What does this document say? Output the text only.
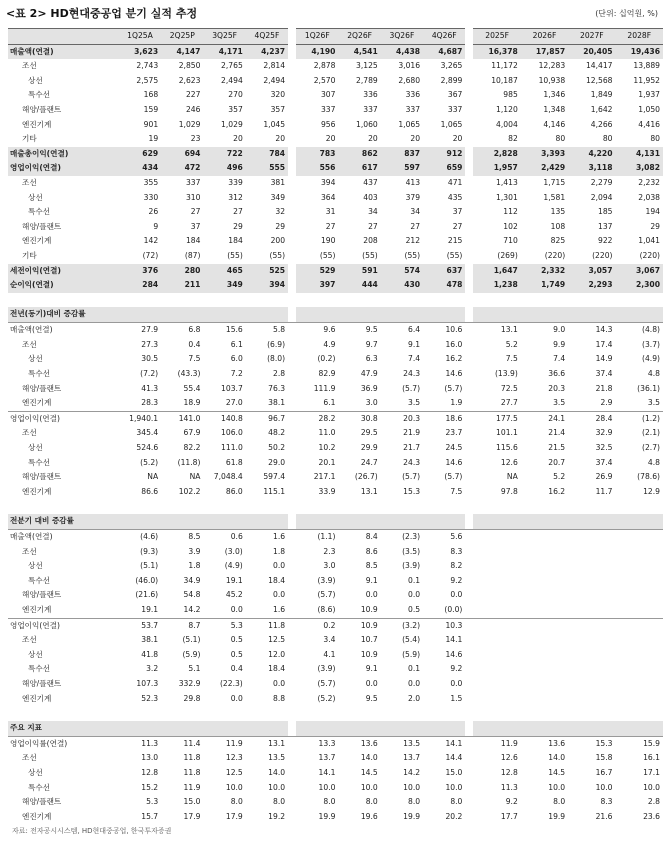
<표 2> HD현대중공업 분기 실적 추정	(단위: 십억원, %)
	1Q25A	2Q25P	3Q25F	4Q25F		1Q26F	2Q26F	3Q26F	4Q26F		2025F	2026F	2027F	2028F
매출액(연결)	3,623	4,147	4,171	4,237		4,190	4,541	4,438	4,687		16,378	17,857	20,405	19,436
조선	2,743	2,850	2,765	2,814		2,878	3,125	3,016	3,265		11,172	12,283	14,417	13,889
상선	2,575	2,623	2,494	2,494		2,570	2,789	2,680	2,899		10,187	10,938	12,568	11,952
특수선	168	227	270	320		307	336	336	367		985	1,346	1,849	1,937
해양/플랜트	159	246	357	357		337	337	337	337		1,120	1,348	1,642	1,050
엔진기계	901	1,029	1,029	1,045		956	1,060	1,065	1,065		4,004	4,146	4,266	4,416
기타	19	23	20	20		20	20	20	20		82	80	80	80
매출총이익(연결)	629	694	722	784		783	862	837	912		2,828	3,393	4,220	4,131
영업이익(연결)	434	472	496	555		556	617	597	659		1,957	2,429	3,118	3,082
조선	355	337	339	381		394	437	413	471		1,413	1,715	2,279	2,232
상선	330	310	312	349		364	403	379	435		1,301	1,581	2,094	2,038
특수선	26	27	27	32		31	34	34	37		112	135	185	194
해양/플랜트	9	37	29	29		27	27	27	27		102	108	137	29
엔진기계	142	184	184	200		190	208	212	215		710	825	922	1,041
기타	(72)	(87)	(55)	(55)		(55)	(55)	(55)	(55)		(269)	(220)	(220)	(220)
세전이익(연결)	376	280	465	525		529	591	574	637		1,647	2,332	3,057	3,067
순이익(연결)	284	211	349	394		397	444	430	478		1,238	1,749	2,293	2,300

전년(동기)대비 증감률														
매출액(연결)	27.9	6.8	15.6	5.8		9.6	9.5	6.4	10.6		13.1	9.0	14.3	(4.8)
조선	27.3	0.4	6.1	(6.9)		4.9	9.7	9.1	16.0		5.2	9.9	17.4	(3.7)
상선	30.5	7.5	6.0	(8.0)		(0.2)	6.3	7.4	16.2		7.5	7.4	14.9	(4.9)
특수선	(7.2)	(43.3)	7.2	2.8		82.9	47.9	24.3	14.6		(13.9)	36.6	37.4	4.8
해양/플랜트	41.3	55.4	103.7	76.3		111.9	36.9	(5.7)	(5.7)		72.5	20.3	21.8	(36.1)
엔진기계	28.3	18.9	27.0	38.1		6.1	3.0	3.5	1.9		27.7	3.5	2.9	3.5
영업이익(연결)	1,940.1	141.0	140.8	96.7		28.2	30.8	20.3	18.6		177.5	24.1	28.4	(1.2)
조선	345.4	67.9	106.0	48.2		11.0	29.5	21.9	23.7		101.1	21.4	32.9	(2.1)
상선	524.6	82.2	111.0	50.2		10.2	29.9	21.7	24.5		115.6	21.5	32.5	(2.7)
특수선	(5.2)	(11.8)	61.8	29.0		20.1	24.7	24.3	14.6		12.6	20.7	37.4	4.8
해양/플랜트	NA	NA	7,048.4	597.4		217.1	(26.7)	(5.7)	(5.7)		NA	5.2	26.9	(78.6)
엔진기계	86.6	102.2	86.0	115.1		33.9	13.1	15.3	7.5		97.8	16.2	11.7	12.9

전분기 대비 증감률														
매출액(연결)	(4.6)	8.5	0.6	1.6		(1.1)	8.4	(2.3)	5.6					
조선	(9.3)	3.9	(3.0)	1.8		2.3	8.6	(3.5)	8.3					
상선	(5.1)	1.8	(4.9)	0.0		3.0	8.5	(3.9)	8.2					
특수선	(46.0)	34.9	19.1	18.4		(3.9)	9.1	0.1	9.2					
해양/플랜트	(21.6)	54.8	45.2	0.0		(5.7)	0.0	0.0	0.0					
엔진기계	19.1	14.2	0.0	1.6		(8.6)	10.9	0.5	(0.0)					
영업이익(연결)	53.7	8.7	5.3	11.8		0.2	10.9	(3.2)	10.3					
조선	38.1	(5.1)	0.5	12.5		3.4	10.7	(5.4)	14.1					
상선	41.8	(5.9)	0.5	12.0		4.1	10.9	(5.9)	14.6					
특수선	3.2	5.1	0.4	18.4		(3.9)	9.1	0.1	9.2					
해양/플랜트	107.3	332.9	(22.3)	0.0		(5.7)	0.0	0.0	0.0					
엔진기계	52.3	29.8	0.0	8.8		(5.2)	9.5	2.0	1.5					

주요 지표														
영업이익률(연결)	11.3	11.4	11.9	13.1		13.3	13.6	13.5	14.1		11.9	13.6	15.3	15.9
조선	13.0	11.8	12.3	13.5		13.7	14.0	13.7	14.4		12.6	14.0	15.8	16.1
상선	12.8	11.8	12.5	14.0		14.1	14.5	14.2	15.0		12.8	14.5	16.7	17.1
특수선	15.2	11.9	10.0	10.0		10.0	10.0	10.0	10.0		11.3	10.0	10.0	10.0
해양/플랜트	5.3	15.0	8.0	8.0		8.0	8.0	8.0	8.0		9.2	8.0	8.3	2.8
엔진기계	15.7	17.9	17.9	19.2		19.9	19.6	19.9	20.2		17.7	19.9	21.6	23.6
자료: 전자공시시스템, HD현대중공업, 한국투자증권
